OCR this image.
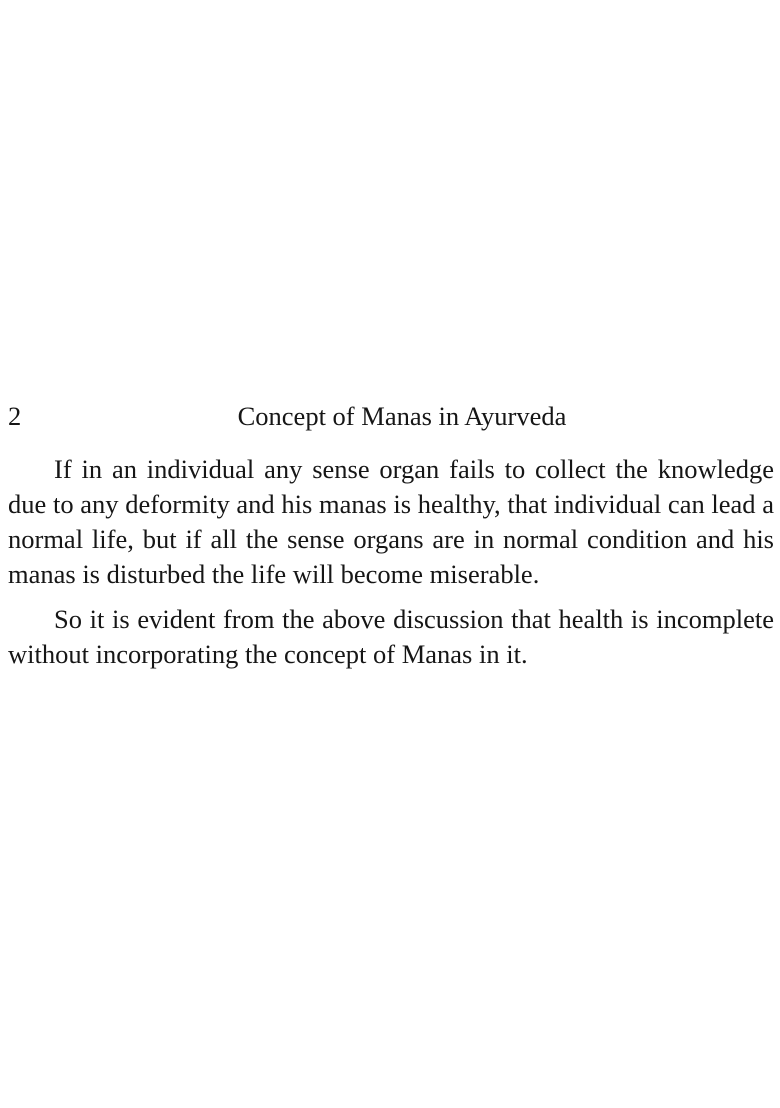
2	Concept of Manas in Ayurveda

If in an individual any sense organ fails to collect the knowledge due to any deformity and his manas is healthy, that individual can lead a normal life, but if all the sense organs are in normal condition and his manas is disturbed the life will become miserable.

So it is evident from the above discussion that health is incomplete without incorporating the concept of Manas in it.
